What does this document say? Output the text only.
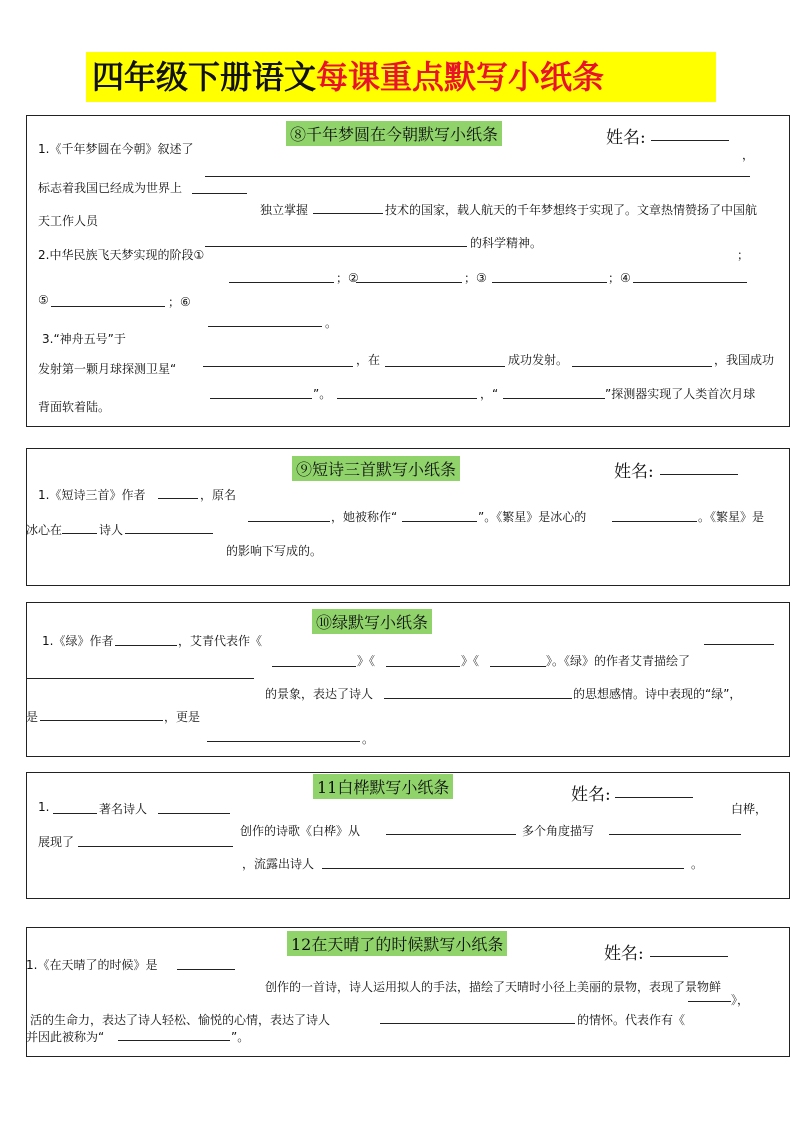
四年级下册语文每课重点默写小纸条
⑧千年梦圆在今朝默写小纸条	姓名:
1.《千年梦圆在今朝》叙述了	，
标志着我国已经成为世界上
独立掌握	技术的国家，载人航天的千年梦想终于实现了。文章热情赞扬了中国航
天工作人员
的科学精神。
2.中华民族飞天梦实现的阶段①	；
；②	；③	；④
⑤	；⑥
。
3.“神舟五号”于
发射第一颗月球探测卫星“
，在	成功发射。	，我国成功
背面软着陆。
”。	，“	”探测器实现了人类首次月球
⑨短诗三首默写小纸条	姓名:
1.《短诗三首》作者	，原名
冰心在	诗人
，她被称作“	”。《繁星》是冰心的	。《繁星》是
的影响下写成的。
⑩绿默写小纸条
1.《绿》作者	，艾青代表作《
》《	》《	》。《绿》的作者艾青描绘了
的景象，表达了诗人	的思想感情。诗中表现的“绿”，
是	，更是
。
11白桦默写小纸条	姓名:
1.	著名诗人	白桦，
创作的诗歌《白桦》从	多个角度描写
展现了
，流露出诗人	。
12在天晴了的时候默写小纸条	姓名:
1.《在天晴了的时候》是
创作的一首诗，诗人运用拟人的手法，描绘了天晴时小径上美丽的景物，表现了景物鲜
》，
活的生命力，表达了诗人轻松、愉悦的心情，表达了诗人	的情怀。代表作有《
并因此被称为“	”。
